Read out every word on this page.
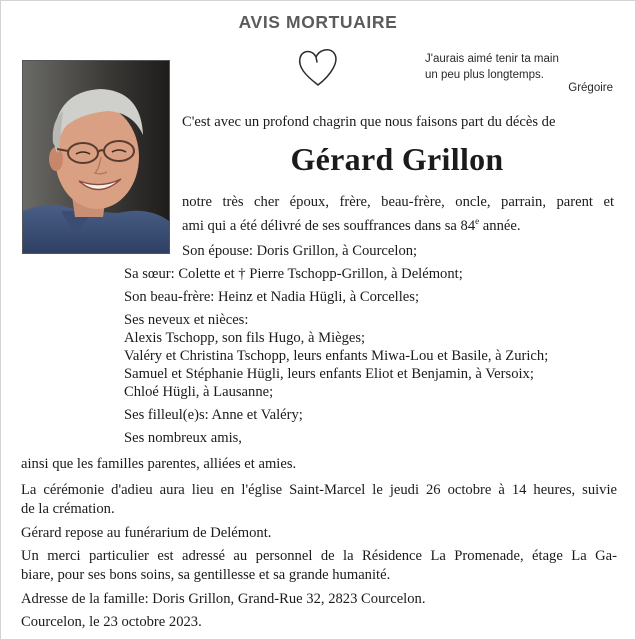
AVIS MORTUAIRE
J'aurais aimé tenir ta main
un peu plus longtemps.
Grégoire
C'est avec un profond chagrin que nous faisons part du décès de
Gérard Grillon
notre très cher époux, frère, beau-frère, oncle, parrain, parent et
ami qui a été délivré de ses souffrances dans sa 84e année.
Son épouse: Doris Grillon, à Courcelon;
Sa sœur: Colette et † Pierre Tschopp-Grillon, à Delémont;
Son beau-frère: Heinz et Nadia Hügli, à Corcelles;
Ses neveux et nièces:
Alexis Tschopp, son fils Hugo, à Mièges;
Valéry et Christina Tschopp, leurs enfants Miwa-Lou et Basile, à Zurich;
Samuel et Stéphanie Hügli, leurs enfants Eliot et Benjamin, à Versoix;
Chloé Hügli, à Lausanne;
Ses filleul(e)s: Anne et Valéry;
Ses nombreux amis,
ainsi que les familles parentes, alliées et amies.
La cérémonie d'adieu aura lieu en l'église Saint-Marcel le jeudi 26 octobre à 14 heures, suivie
de la crémation.
Gérard repose au funérarium de Delémont.
Un merci particulier est adressé au personnel de la Résidence La Promenade, étage La Ga-
biare, pour ses bons soins, sa gentillesse et sa grande humanité.
Adresse de la famille: Doris Grillon, Grand-Rue 32, 2823 Courcelon.
Courcelon, le 23 octobre 2023.
